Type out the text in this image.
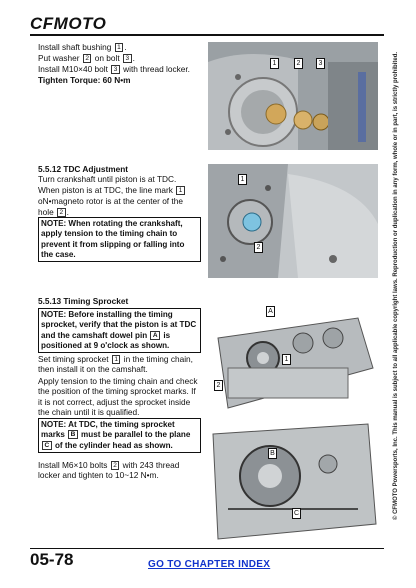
CFMOTO
Install shaft bushing 1 .
Put washer 2 on bolt 3 .
Install M10×40 bolt 3 with thread locker.
Tighten Torque: 60 N•m
1	2	3
5.5.12 TDC Adjustment
Turn crankshaft until piston is at TDC.
When piston is at TDC, the line mark 1
oN•magneto rotor is at the center of the
hole 2 .
NOTE: When rotating the crankshaft, apply tension to the timing chain to prevent it from slipping or falling into the case.
1
2
5.5.13 Timing Sprocket
NOTE: Before installing the timing sprocket, verify that the piston is at TDC and the camshaft dowel pin A is positioned at 9 o'clock as shown.
Set timing sprocket 1 in the timing chain, then install it on the camshaft.
Apply tension to the timing chain and check the position of the timing sprocket marks. If it is not correct, adjust the sprocket inside the chain until it is qualified.
NOTE: At TDC, the timing sprocket marks B must be parallel to the plane C of the cylinder head as shown.
Install M6×10 bolts 2 with 243 thread locker and tighten to 10~12 N•m.
A
1
2
B
C	© CFMOTO Powersports, Inc. This manual is subject to all applicable copyright laws. Reproduction or duplication in any form, whole or in part, is strictly prohibited.
05-78	GO TO CHAPTER INDEX
